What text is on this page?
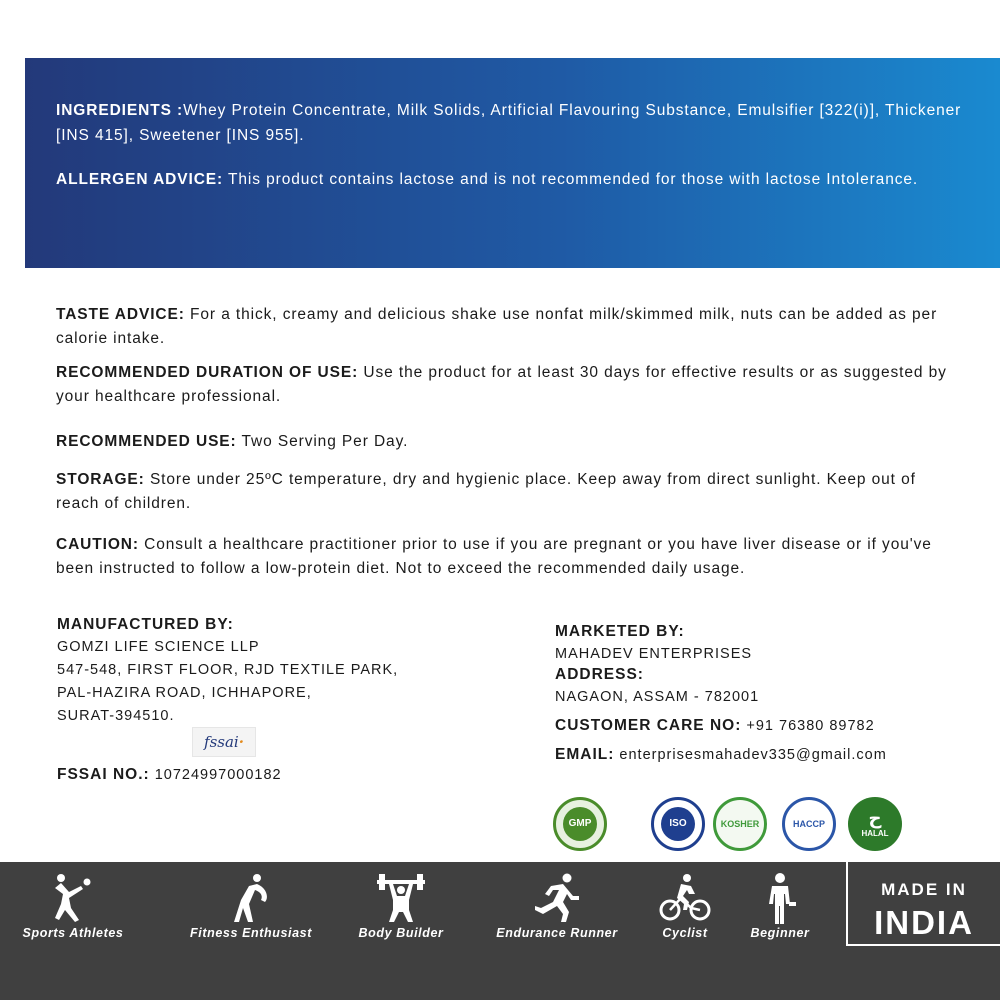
INGREDIENTS :Whey Protein Concentrate, Milk Solids, Artificial Flavouring Substance, Emulsifier [322(i)], Thickener [INS 415], Sweetener [INS 955].

ALLERGEN ADVICE: This product contains lactose and is not recommended for those with lactose Intolerance.

TASTE ADVICE: For a thick, creamy and delicious shake use nonfat milk/skimmed milk, nuts can be added as per calorie intake.

RECOMMENDED DURATION OF USE: Use the product for at least 30 days for effective results or as suggested by your healthcare professional.

RECOMMENDED USE: Two Serving Per Day.

STORAGE: Store under 25ºC temperature, dry and hygienic place. Keep away from direct sunlight. Keep out of reach of children.

CAUTION: Consult a healthcare practitioner prior to use if you are pregnant or you have liver disease or if you've been instructed to follow a low-protein diet. Not to exceed the recommended daily usage.

MANUFACTURED BY:
GOMZI LIFE SCIENCE LLP
547-548, FIRST FLOOR, RJD TEXTILE PARK,
PAL-HAZIRA ROAD, ICHHAPORE,
SURAT-394510.
fssai ·
FSSAI NO.: 10724997000182
MARKETED BY:
MAHADEV ENTERPRISES
ADDRESS:
NAGAON, ASSAM - 782001
CUSTOMER CARE NO: +91 76380 89782
EMAIL: enterprisesmahadev335@gmail.com
GMP	ISO	KOSHER	HACCP	ح
HALAL
Sports Athletes	Fitness Enthusiast	Body Builder	Endurance Runner	Cyclist	Beginner
MADE IN
INDIA
